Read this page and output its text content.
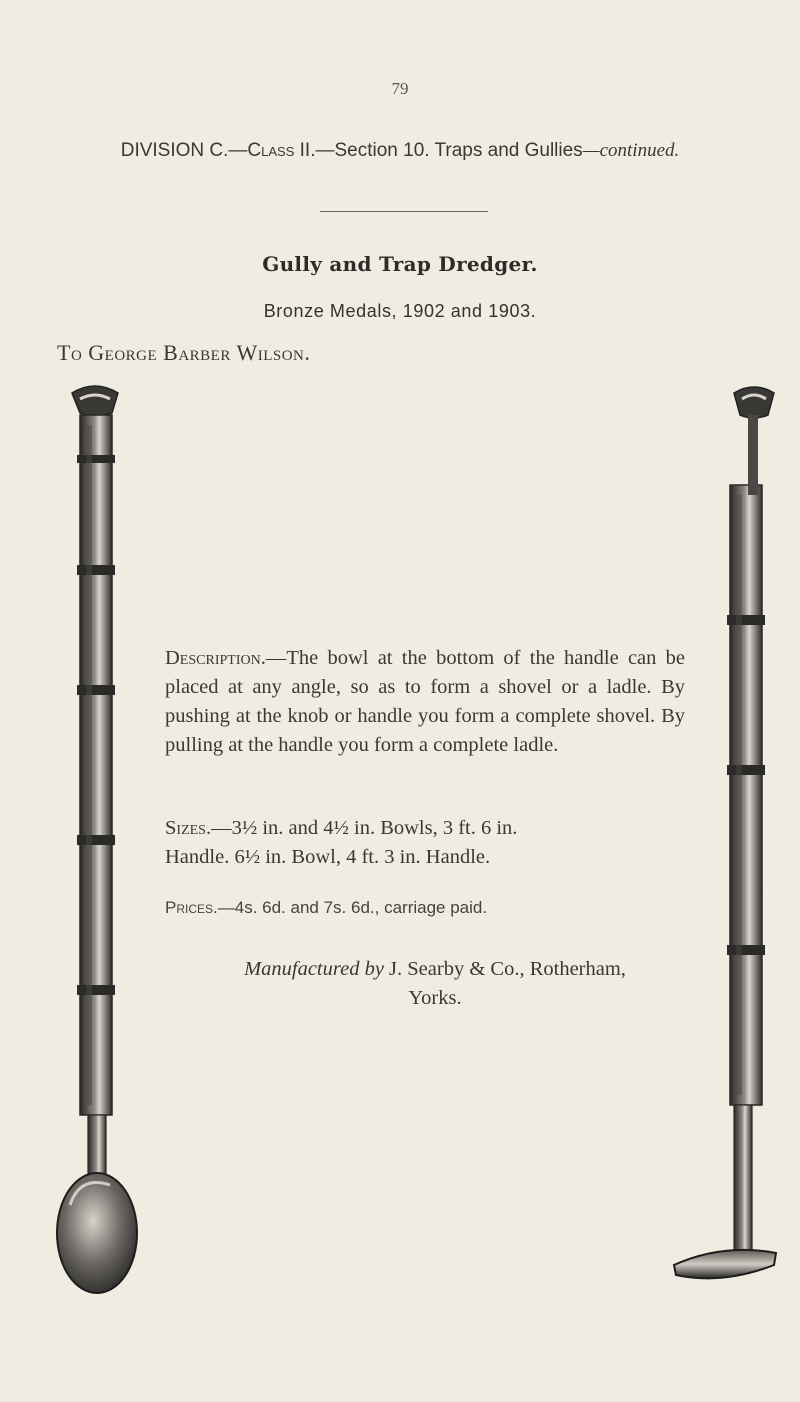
79
DIVISION C.—Class II.—Section 10. Traps and Gullies—continued.
Gully and Trap Dredger.
Bronze Medals, 1902 and 1903.
To George Barber Wilson.
Description.—The bowl at the bottom of the handle can be placed at any angle, so as to form a shovel or a ladle. By pushing at the knob or handle you form a complete shovel. By pulling at the handle you form a complete ladle.
Sizes.—3½ in. and 4½ in. Bowls, 3 ft. 6 in.
Handle. 6½ in. Bowl, 4 ft. 3 in. Handle.
Prices.—4s. 6d. and 7s. 6d., carriage paid.
Manufactured by J. Searby & Co., Rotherham,
Yorks.
